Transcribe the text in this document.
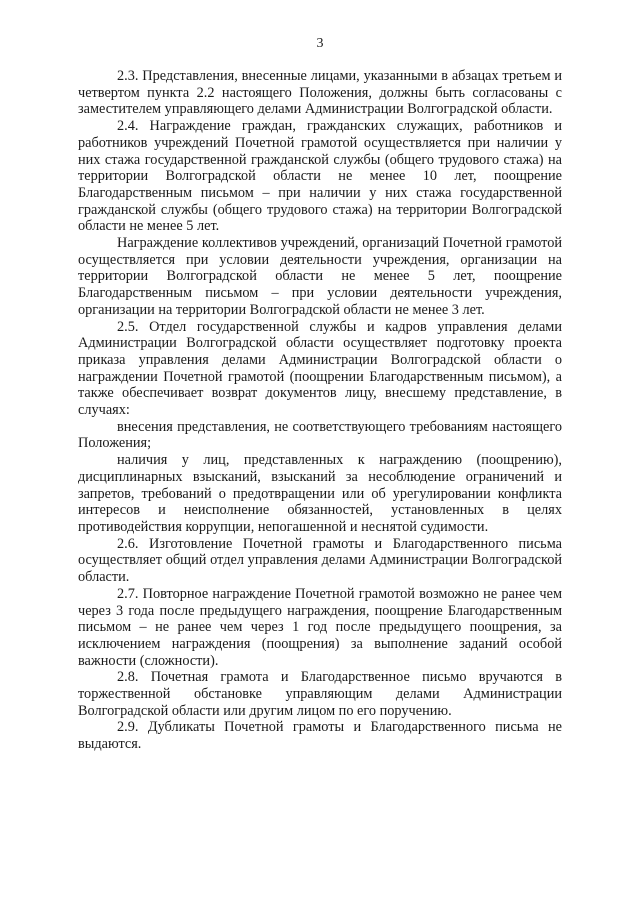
3

2.3. Представления, внесенные лицами, указанными в абзацах третьем и четвертом пункта 2.2 настоящего Положения, должны быть согласованы с заместителем управляющего делами Администрации Волгоградской области.

2.4. Награждение граждан, гражданских служащих, работников и работников учреждений Почетной грамотой осуществляется при наличии у них стажа государственной гражданской службы (общего трудового стажа) на территории Волгоградской области не менее 10 лет, поощрение Благодарственным письмом – при наличии у них стажа государственной гражданской службы (общего трудового стажа) на территории Волгоградской области не менее 5 лет.

Награждение коллективов учреждений, организаций Почетной грамотой осуществляется при условии деятельности учреждения, организации на территории Волгоградской области не менее 5 лет, поощрение Благодарственным письмом – при условии деятельности учреждения, организации на территории Волгоградской области не менее 3 лет.

2.5. Отдел государственной службы и кадров управления делами Администрации Волгоградской области осуществляет подготовку проекта приказа управления делами Администрации Волгоградской области о награждении Почетной грамотой (поощрении Благодарственным письмом), а также обеспечивает возврат документов лицу, внесшему представление, в случаях:

внесения представления, не соответствующего требованиям настоящего Положения;

наличия у лиц, представленных к награждению (поощрению), дисциплинарных взысканий, взысканий за несоблюдение ограничений и запретов, требований о предотвращении или об урегулировании конфликта интересов и неисполнение обязанностей, установленных в целях противодействия коррупции, непогашенной и неснятой судимости.

2.6. Изготовление Почетной грамоты и Благодарственного письма осуществляет общий отдел управления делами Администрации Волгоградской области.

2.7. Повторное награждение Почетной грамотой возможно не ранее чем через 3 года после предыдущего награждения, поощрение Благодарственным письмом – не ранее чем через 1 год после предыдущего поощрения, за исключением награждения (поощрения) за выполнение заданий особой важности (сложности).

2.8. Почетная грамота и Благодарственное письмо вручаются в торжественной обстановке управляющим делами Администрации Волгоградской области или другим лицом по его поручению.

2.9. Дубликаты Почетной грамоты и Благодарственного письма не выдаются.
